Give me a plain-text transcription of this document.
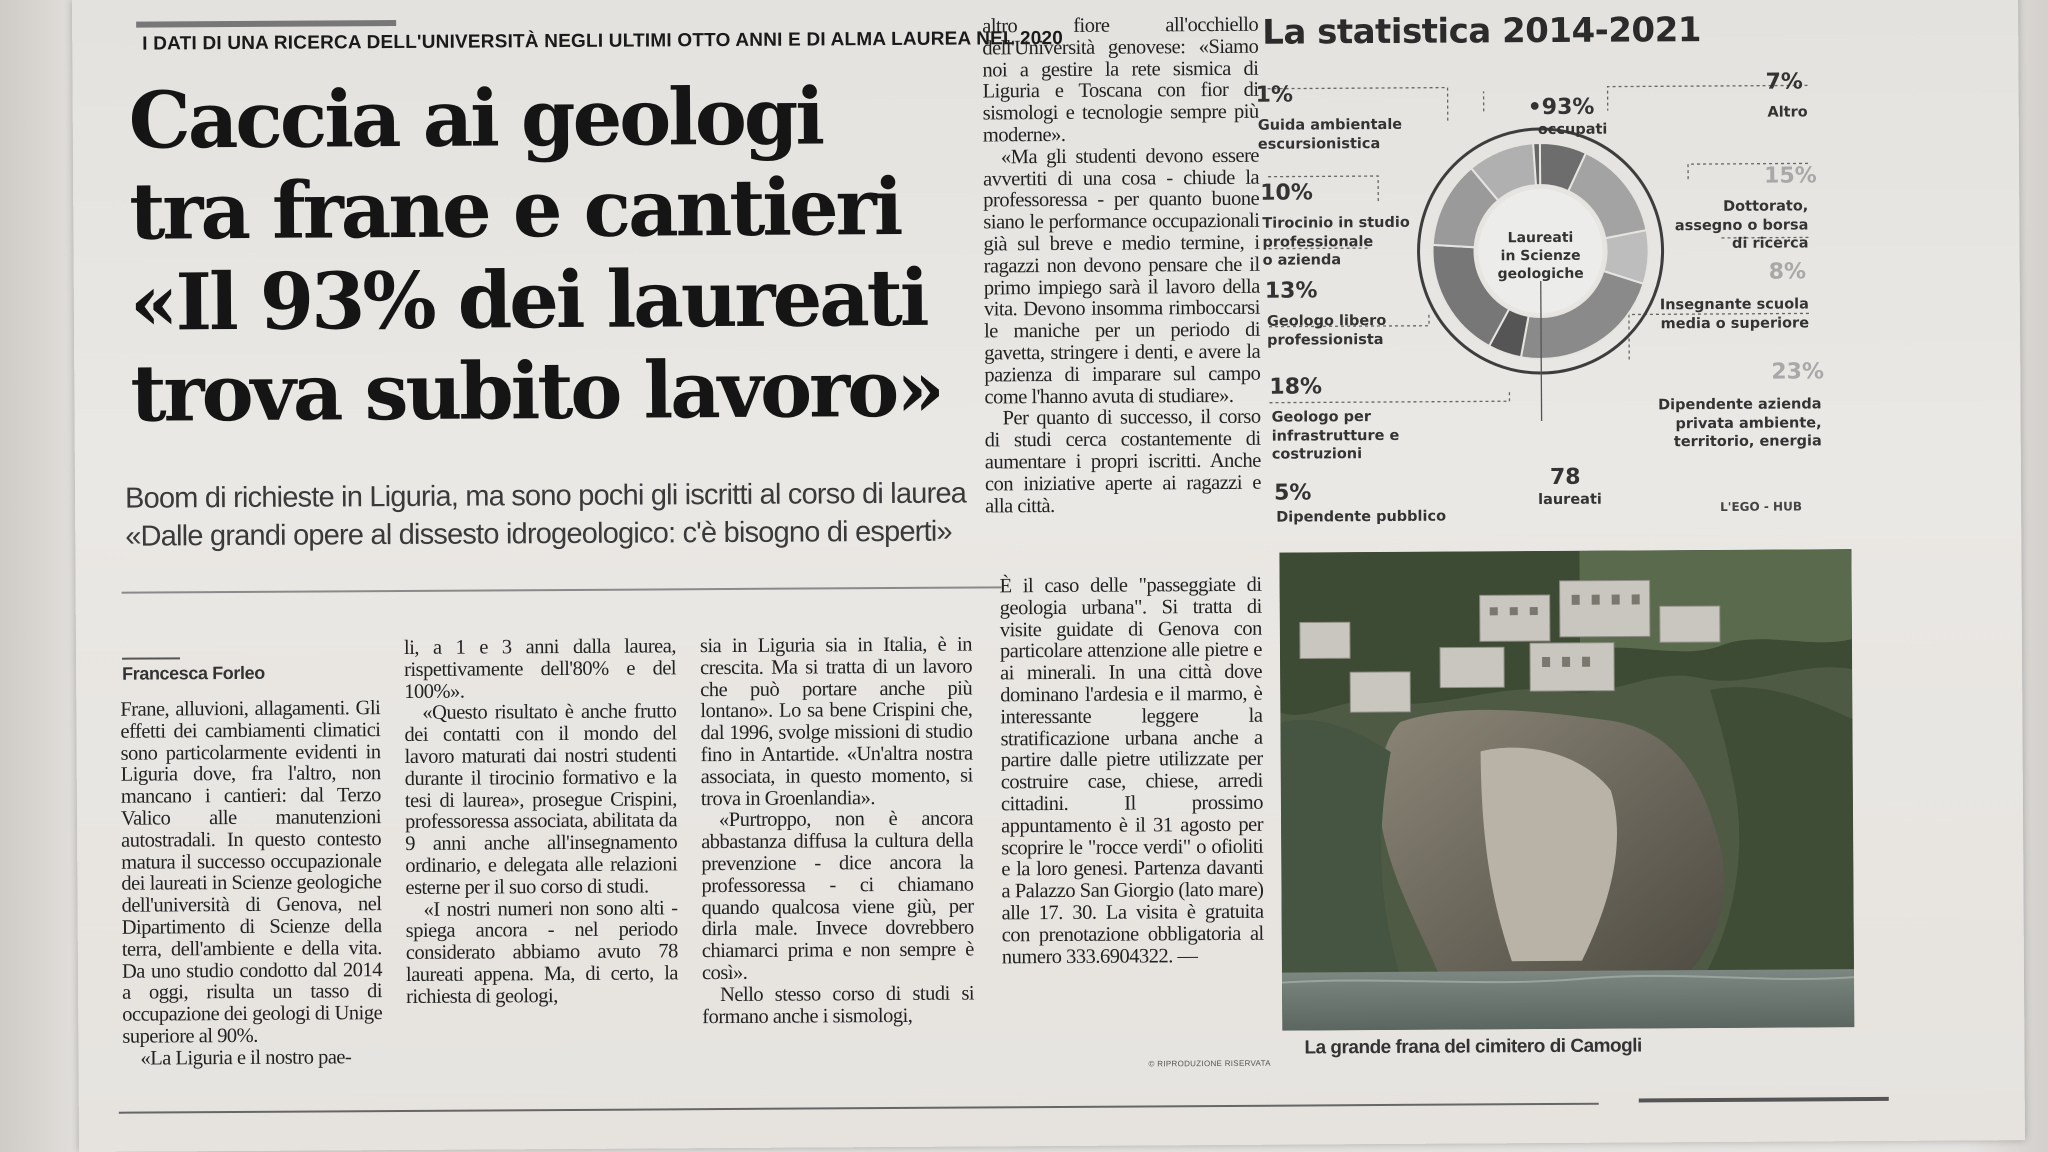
I DATI DI UNA RICERCA DELL'UNIVERSITÀ NEGLI ULTIMI OTTO ANNI E DI ALMA LAUREA NEL 2020
Caccia ai geologi
tra frane e cantieri
«Il 93% dei laureati
trova subito lavoro»
Boom di richieste in Liguria, ma sono pochi gli iscritti al corso di laurea
«Dalle grandi opere al dissesto idrogeologico: c'è bisogno di esperti»
Francesca Forleo

Frane, alluvioni, allagamenti. Gli effetti dei cambiamenti climatici sono particolarmente evidenti in Liguria dove, fra l'altro, non mancano i cantieri: dal Terzo Valico alle manutenzioni autostradali. In questo contesto matura il successo occupazionale dei laureati in Scienze geologiche dell'università di Genova, nel Dipartimento di Scienze della terra, dell'ambiente e della vita. Da uno studio condotto dal 2014 a oggi, risulta un tasso di occupazione dei geologi di Unige superiore al 90%.

«La Liguria e il nostro pae-

li, a 1 e 3 anni dalla laurea, rispettivamente dell'80% e del 100%».

«Questo risultato è anche frutto dei contatti con il mondo del lavoro maturati dai nostri studenti durante il tirocinio formativo e la tesi di laurea», prosegue Crispini, professoressa associata, abilitata da 9 anni anche all'insegnamento ordinario, e delegata alle relazioni esterne per il suo corso di studi.

«I nostri numeri non sono alti - spiega ancora - nel periodo considerato abbiamo avuto 78 laureati appena. Ma, di certo, la richiesta di geologi,

sia in Liguria sia in Italia, è in crescita. Ma si tratta di un lavoro che può portare anche più lontano». Lo sa bene Crispini che, dal 1996, svolge missioni di studio fino in Antartide. «Un'altra nostra associata, in questo momento, si trova in Groenlandia».

«Purtroppo, non è ancora abbastanza diffusa la cultura della prevenzione - dice ancora la professoressa - ci chiamano quando qualcosa viene giù, per dirla male. Invece dovrebbero chiamarci prima e non sempre è così».

Nello stesso corso di studi si formano anche i sismologi,

altro fiore all'occhiello dell'Università genovese: «Siamo noi a gestire la rete sismica di Liguria e Toscana con fior di sismologi e tecnologie sempre più moderne».

«Ma gli studenti devono essere avvertiti di una cosa - chiude la professoressa - per quanto buone siano le performance occupazionali già sul breve e medio termine, i ragazzi non devono pensare che il primo impiego sarà il lavoro della vita. Devono insomma rimboccarsi le maniche per un periodo di gavetta, stringere i denti, e avere la pazienza di imparare sul campo come l'hanno avuta di studiare».

Per quanto di successo, il corso di studi cerca costantemente di aumentare i propri iscritti. Anche con iniziative aperte ai ragazzi e alla città.

È il caso delle "passeggiate di geologia urbana". Si tratta di visite guidate di Genova con particolare attenzione alle pietre e ai minerali. In una città dove dominano l'ardesia e il marmo, è interessante leggere la stratificazione urbana anche a partire dalle pietre utilizzate per costruire case, chiese, arredi cittadini. Il prossimo appuntamento è il 31 agosto per scoprire le "rocce verdi" o ofioliti e la loro genesi. Partenza davanti a Palazzo San Giorgio (lato mare) alle 17. 30. La visita è gratuita con prenotazione obbligatoria al numero 333.6904322. —

© RIPRODUZIONE RISERVATA
La statistica 2014-2021
Laureati
in Scienze
geologiche
1%
Guida ambientale
escursionistica
10%
Tirocinio in studio
professionale
o azienda
13%
Geologo libero
professionista
18%
Geologo per
infrastrutture e
costruzioni
5%
Dipendente pubblico
•93%
occupati
7%
Altro
15%
Dottorato,
assegno o borsa
di ricerca
8%
Insegnante scuola
media o superiore
23%
Dipendente azienda
privata ambiente,
territorio, energia
78
laureati	L'EGO - HUB
La grande frana del cimitero di Camogli
